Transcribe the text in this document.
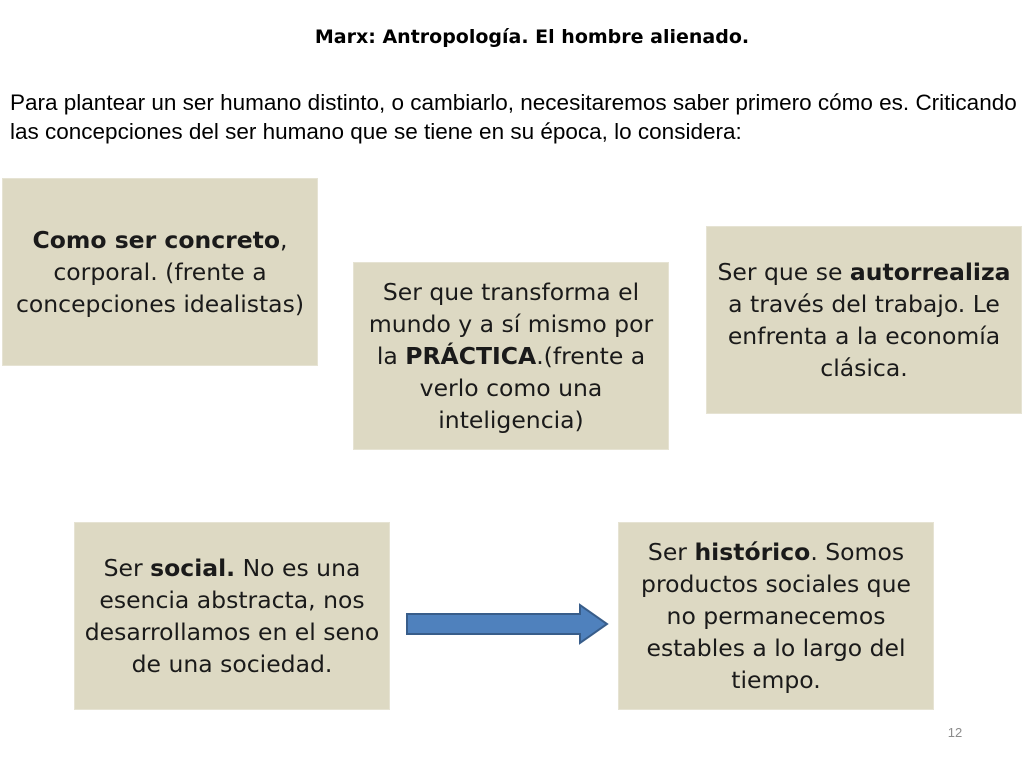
Marx: Antropología. El hombre alienado.
Para plantear un ser humano distinto, o cambiarlo, necesitaremos saber primero cómo es. Criticando las concepciones del ser humano que se tiene en su época, lo considera:
Como ser concreto, corporal. (frente a concepciones idealistas)	Ser que transforma el mundo y a sí mismo por la PRÁCTICA.(frente a verlo como una inteligencia)
Ser que se autorrealiza a través del trabajo. Le enfrenta a la economía clásica.
Ser social. No es una esencia abstracta, nos desarrollamos en el seno de una sociedad.
Ser histórico. Somos productos sociales que no permanecemos estables a lo largo del tiempo.
12
